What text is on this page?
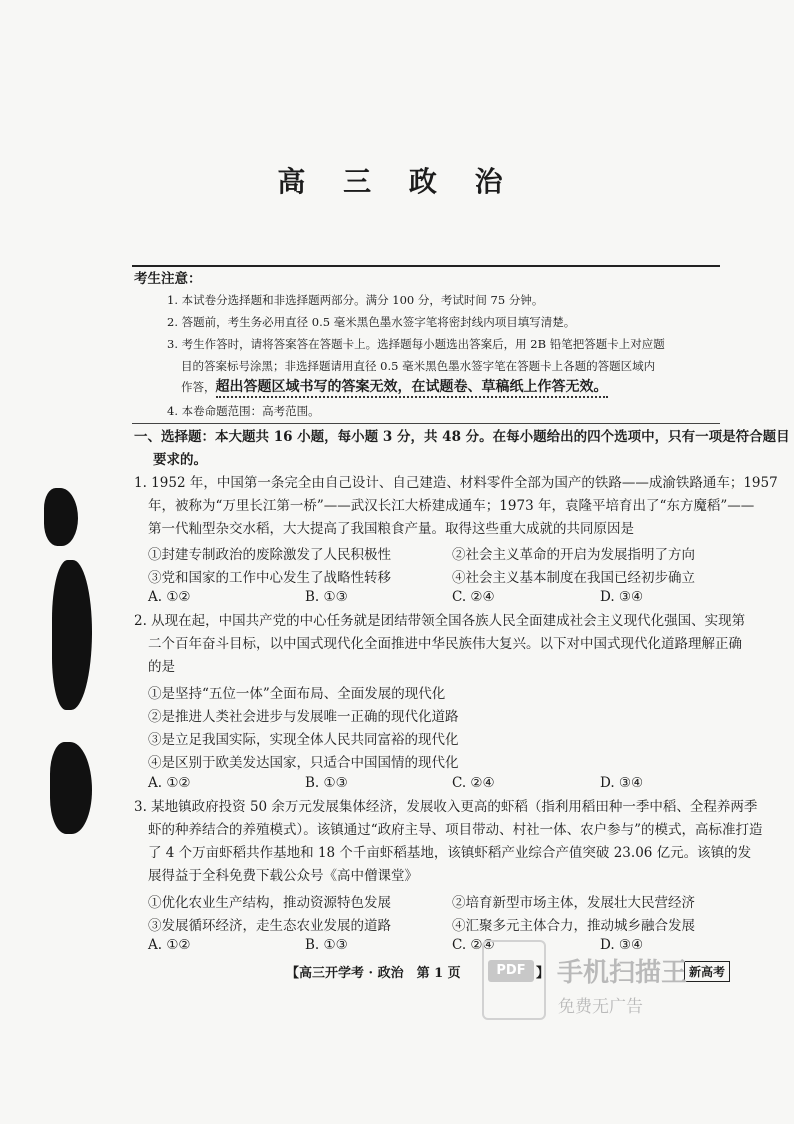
高 三 政 治
考生注意：
1. 本试卷分选择题和非选择题两部分。满分 100 分，考试时间 75 分钟。
2. 答题前，考生务必用直径 0.5 毫米黑色墨水签字笔将密封线内项目填写清楚。
3. 考生作答时，请将答案答在答题卡上。选择题每小题选出答案后，用 2B 铅笔把答题卡上对应题
目的答案标号涂黑；非选择题请用直径 0.5 毫米黑色墨水签字笔在答题卡上各题的答题区域内
作答，超出答题区域书写的答案无效，在试题卷、草稿纸上作答无效。
4. 本卷命题范围：高考范围。
一、选择题：本大题共 16 小题，每小题 3 分，共 48 分。在每小题给出的四个选项中，只有一项是符合题目
要求的。
1. 1952 年，中国第一条完全由自己设计、自己建造、材料零件全部为国产的铁路——成渝铁路通车；1957
年，被称为“万里长江第一桥”——武汉长江大桥建成通车；1973 年，袁隆平培育出了“东方魔稻”——
第一代籼型杂交水稻，大大提高了我国粮食产量。取得这些重大成就的共同原因是
①封建专制政治的废除激发了人民积极性	②社会主义革命的开启为发展指明了方向
③党和国家的工作中心发生了战略性转移	④社会主义基本制度在我国已经初步确立
A. ①②	B. ①③	C. ②④	D. ③④
2. 从现在起，中国共产党的中心任务就是团结带领全国各族人民全面建成社会主义现代化强国、实现第
二个百年奋斗目标，以中国式现代化全面推进中华民族伟大复兴。以下对中国式现代化道路理解正确
的是
①是坚持“五位一体”全面布局、全面发展的现代化
②是推进人类社会进步与发展唯一正确的现代化道路
③是立足我国实际，实现全体人民共同富裕的现代化
④是区别于欧美发达国家，只适合中国国情的现代化
A. ①②	B. ①③	C. ②④	D. ③④
3. 某地镇政府投资 50 余万元发展集体经济，发展收入更高的虾稻（指利用稻田种一季中稻、全程养两季
虾的种养结合的养殖模式）。该镇通过“政府主导、项目带动、村社一体、农户参与”的模式，高标准打造
了 4 个万亩虾稻共作基地和 18 个千亩虾稻基地，该镇虾稻产业综合产值突破 23.06 亿元。该镇的发
展得益于全科免费下载公众号《高中僧课堂》
①优化农业生产结构，推动资源特色发展	②培育新型市场主体，发展壮大民营经济
③发展循环经济，走生态农业发展的道路	④汇聚多元主体合力，推动城乡融合发展
A. ①②	B. ①③	C. ②④	D. ③④
【高三开学考 · 政治　第 1 页	】	新高考
PDF	手机扫描王
免费无广告
